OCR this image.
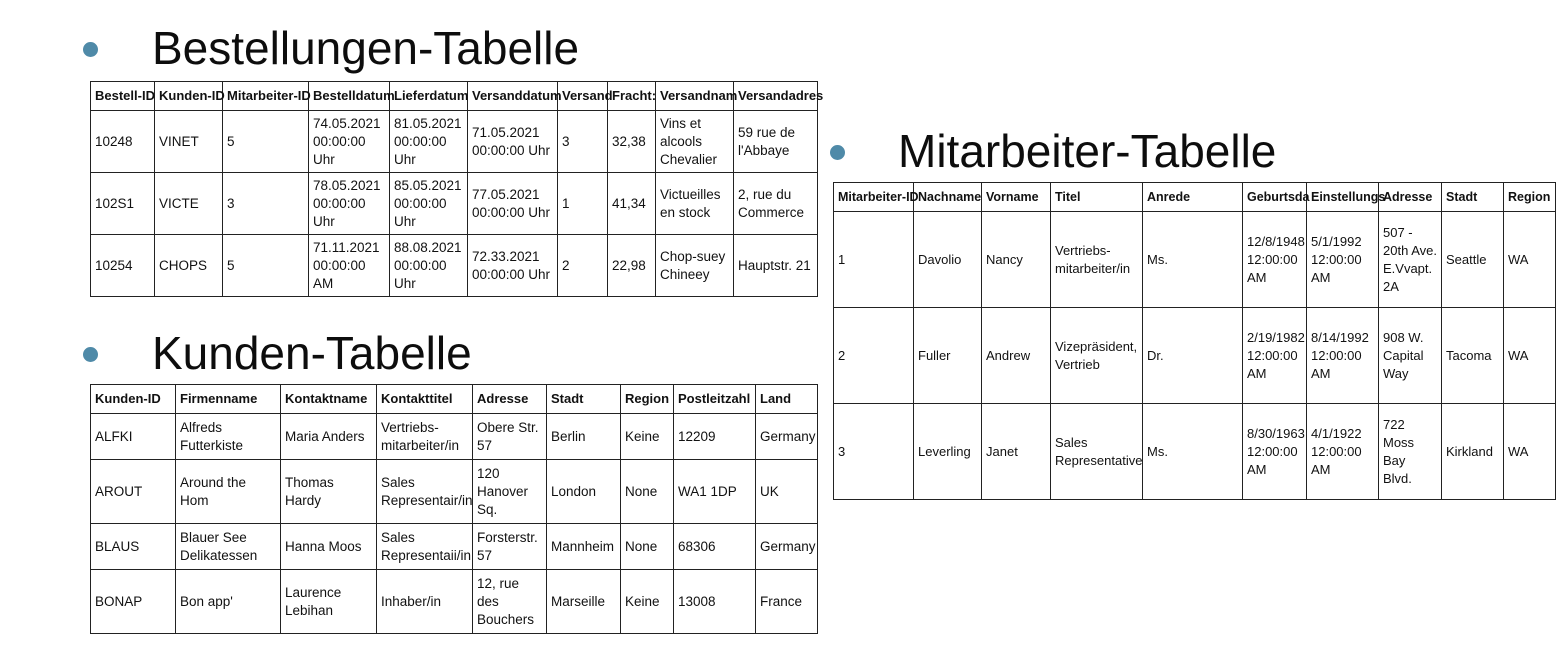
Bestellungen-Tabelle
Bestell-ID	Kunden-ID	Mitarbeiter-ID	Bestelldatum	Lieferdatum	Versanddatum	Versand	Fracht:	Versandnam	Versandadres
10248	VINET	5	74.05.2021
00:00:00
Uhr	81.05.2021
00:00:00
Uhr	71.05.2021
00:00:00 Uhr	3	32,38	Vins et
alcools
Chevalier	59 rue de
l'Abbaye
102S1	VICTE	3	78.05.2021
00:00:00
Uhr	85.05.2021
00:00:00 Uhr	77.05.2021
00:00:00 Uhr	1	41,34	Victueilles
en stock	2, rue du
Commerce
10254	CHOPS	5	71.11.2021
00:00:00
AM	88.08.2021
00:00:00 Uhr	72.33.2021
00:00:00 Uhr	2	22,98	Chop-suey
Chineey	Hauptstr. 21
Kunden-Tabelle
Kunden-ID	Firmenname	Kontaktname	Kontakttitel	Adresse	Stadt	Region	Postleitzahl	Land
ALFKI	Alfreds
Futterkiste	Maria Anders	Vertriebs-
mitarbeiter/in	Obere Str.
57	Berlin	Keine	12209	Germany
AROUT	Around the
Hom	Thomas Hardy	Sales
Representair/in	120
Hanover
Sq.	London	None	WA1 1DP	UK
BLAUS	Blauer See
Delikatessen	Hanna Moos	Sales
Representaii/in	Forsterstr.
57	Mannheim	None	68306	Germany
BONAP	Bon app'	Laurence
Lebihan	Inhaber/in	12, rue
des
Bouchers	Marseille	Keine	13008	France
Mitarbeiter-Tabelle
Mitarbeiter-ID	Nachname	Vorname	Titel	Anrede	Geburtsda	Einstellungs	Adresse	Stadt	Region
1	Davolio	Nancy	Vertriebs-
mitarbeiter/in	Ms.	12/8/1948
12:00:00
AM	5/1/1992
12:00:00
AM	507 -
20th Ave.
E.Vvapt.
2A	Seattle	WA
2	Fuller	Andrew	Vizepräsident,
Vertrieb	Dr.	2/19/1982
12:00:00
AM	8/14/1992
12:00:00
AM	908 W.
Capital
Way	Tacoma	WA
3	Leverling	Janet	Sales
Representative	Ms.	8/30/1963
12:00:00
AM	4/1/1922
12:00:00
AM	722 Moss
Bay Blvd.	Kirkland	WA
